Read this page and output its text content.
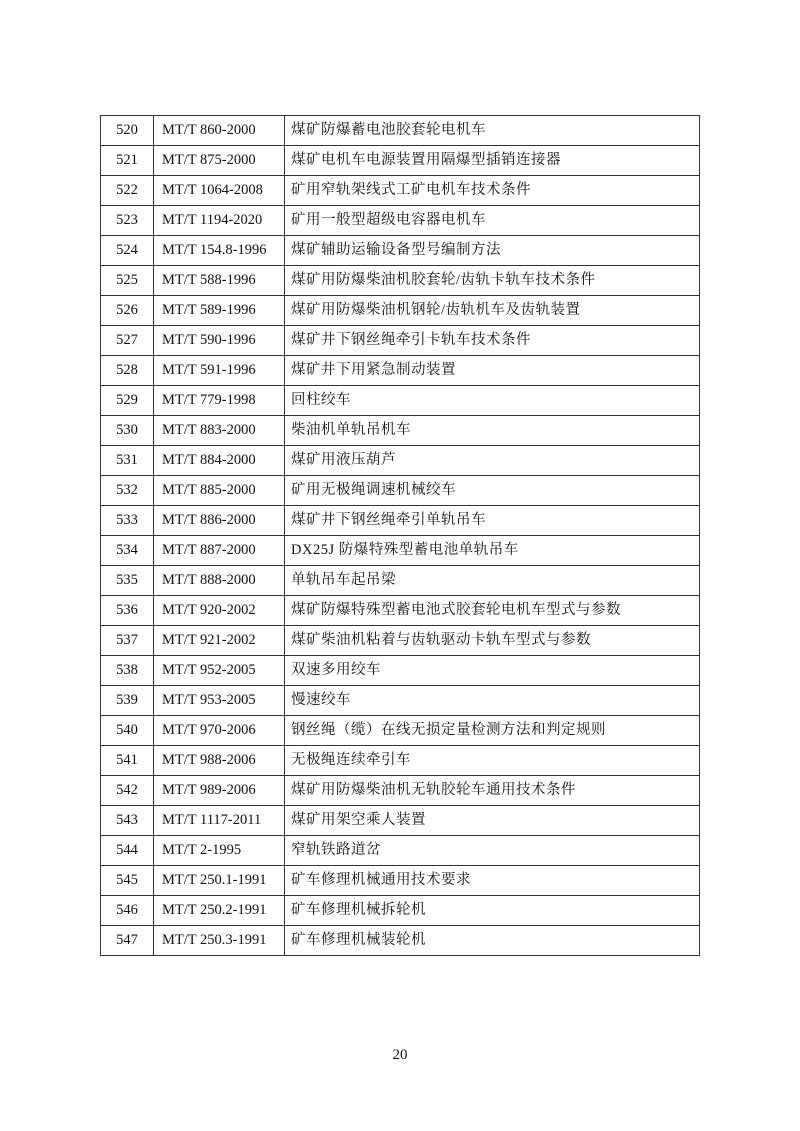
520	MT/T 860-2000	煤矿防爆蓄电池胶套轮电机车
521	MT/T 875-2000	煤矿电机车电源装置用隔爆型插销连接器
522	MT/T 1064-2008	矿用窄轨架线式工矿电机车技术条件
523	MT/T 1194-2020	矿用一般型超级电容器电机车
524	MT/T 154.8-1996	煤矿辅助运输设备型号编制方法
525	MT/T 588-1996	煤矿用防爆柴油机胶套轮/齿轨卡轨车技术条件
526	MT/T 589-1996	煤矿用防爆柴油机钢轮/齿轨机车及齿轨装置
527	MT/T 590-1996	煤矿井下钢丝绳牵引卡轨车技术条件
528	MT/T 591-1996	煤矿井下用紧急制动装置
529	MT/T 779-1998	回柱绞车
530	MT/T 883-2000	柴油机单轨吊机车
531	MT/T 884-2000	煤矿用液压葫芦
532	MT/T 885-2000	矿用无极绳调速机械绞车
533	MT/T 886-2000	煤矿井下钢丝绳牵引单轨吊车
534	MT/T 887-2000	DX25J 防爆特殊型蓄电池单轨吊车
535	MT/T 888-2000	单轨吊车起吊梁
536	MT/T 920-2002	煤矿防爆特殊型蓄电池式胶套轮电机车型式与参数
537	MT/T 921-2002	煤矿柴油机粘着与齿轨驱动卡轨车型式与参数
538	MT/T 952-2005	双速多用绞车
539	MT/T 953-2005	慢速绞车
540	MT/T 970-2006	钢丝绳（缆）在线无损定量检测方法和判定规则
541	MT/T 988-2006	无极绳连续牵引车
542	MT/T 989-2006	煤矿用防爆柴油机无轨胶轮车通用技术条件
543	MT/T 1117-2011	煤矿用架空乘人装置
544	MT/T 2-1995	窄轨铁路道岔
545	MT/T 250.1-1991	矿车修理机械通用技术要求
546	MT/T 250.2-1991	矿车修理机械拆轮机
547	MT/T 250.3-1991	矿车修理机械装轮机
20
